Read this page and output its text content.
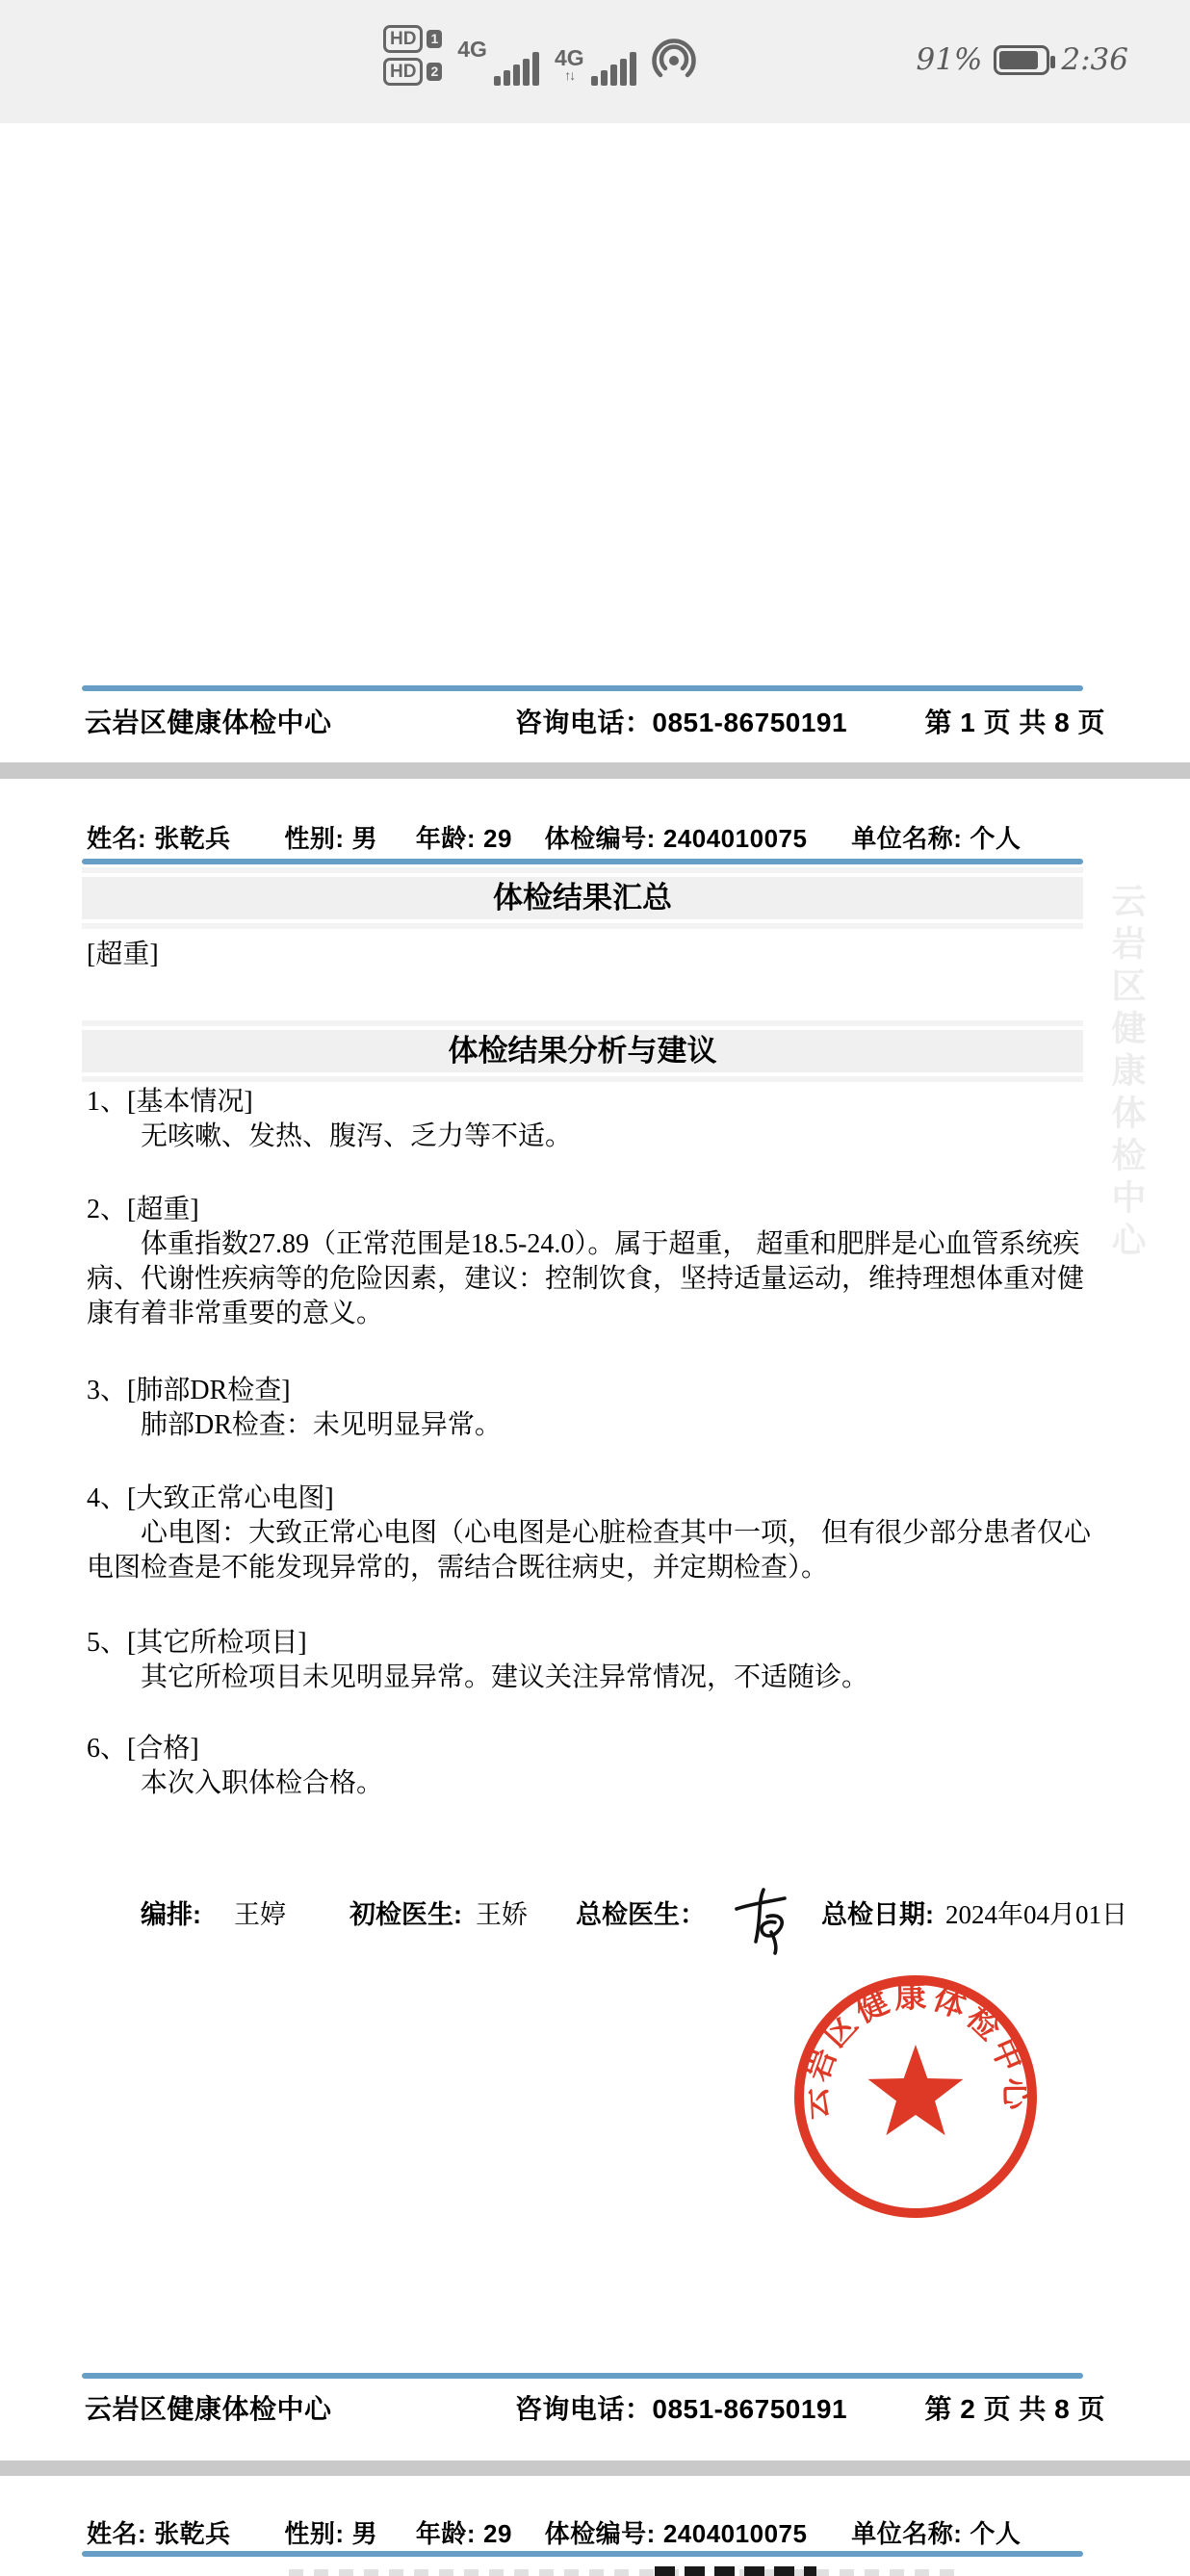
HD	1
HD	2
4G	4G
↑↓	91%	2:36
云岩区健康体检中心	咨询电话：0851-86750191	第 1 页 共 8 页
云岩区健康体检中心
姓名: 张乾兵 性别: 男 年龄: 29 体检编号: 2404010075 单位名称: 个人
体检结果汇总
[超重]
体检结果分析与建议
1、[基本情况]
无咳嗽、发热、腹泻、乏力等不适。
2、[超重]
体重指数27.89（正常范围是18.5-24.0）。属于超重， 超重和肥胖是心血管系统疾病、代谢性疾病等的危险因素，建议：控制饮食，坚持适量运动，维持理想体重对健康有着非常重要的意义。
3、[肺部DR检查]
肺部DR检查：未见明显异常。
4、[大致正常心电图]
心电图：大致正常心电图（心电图是心脏检查其中一项， 但有很少部分患者仅心电图检查是不能发现异常的，需结合既往病史，并定期检查）。
5、[其它所检项目]
其它所检项目未见明显异常。建议关注异常情况，不适随诊。
6、[合格]
本次入职体检合格。
编排: 王婷 初检医生: 王娇 总检医生：	总检日期: 2024年04月01日
云岩区健康体检中心
云岩区健康体检中心	咨询电话：0851-86750191	第 2 页 共 8 页
姓名: 张乾兵 性别: 男 年龄: 29 体检编号: 2404010075 单位名称: 个人
